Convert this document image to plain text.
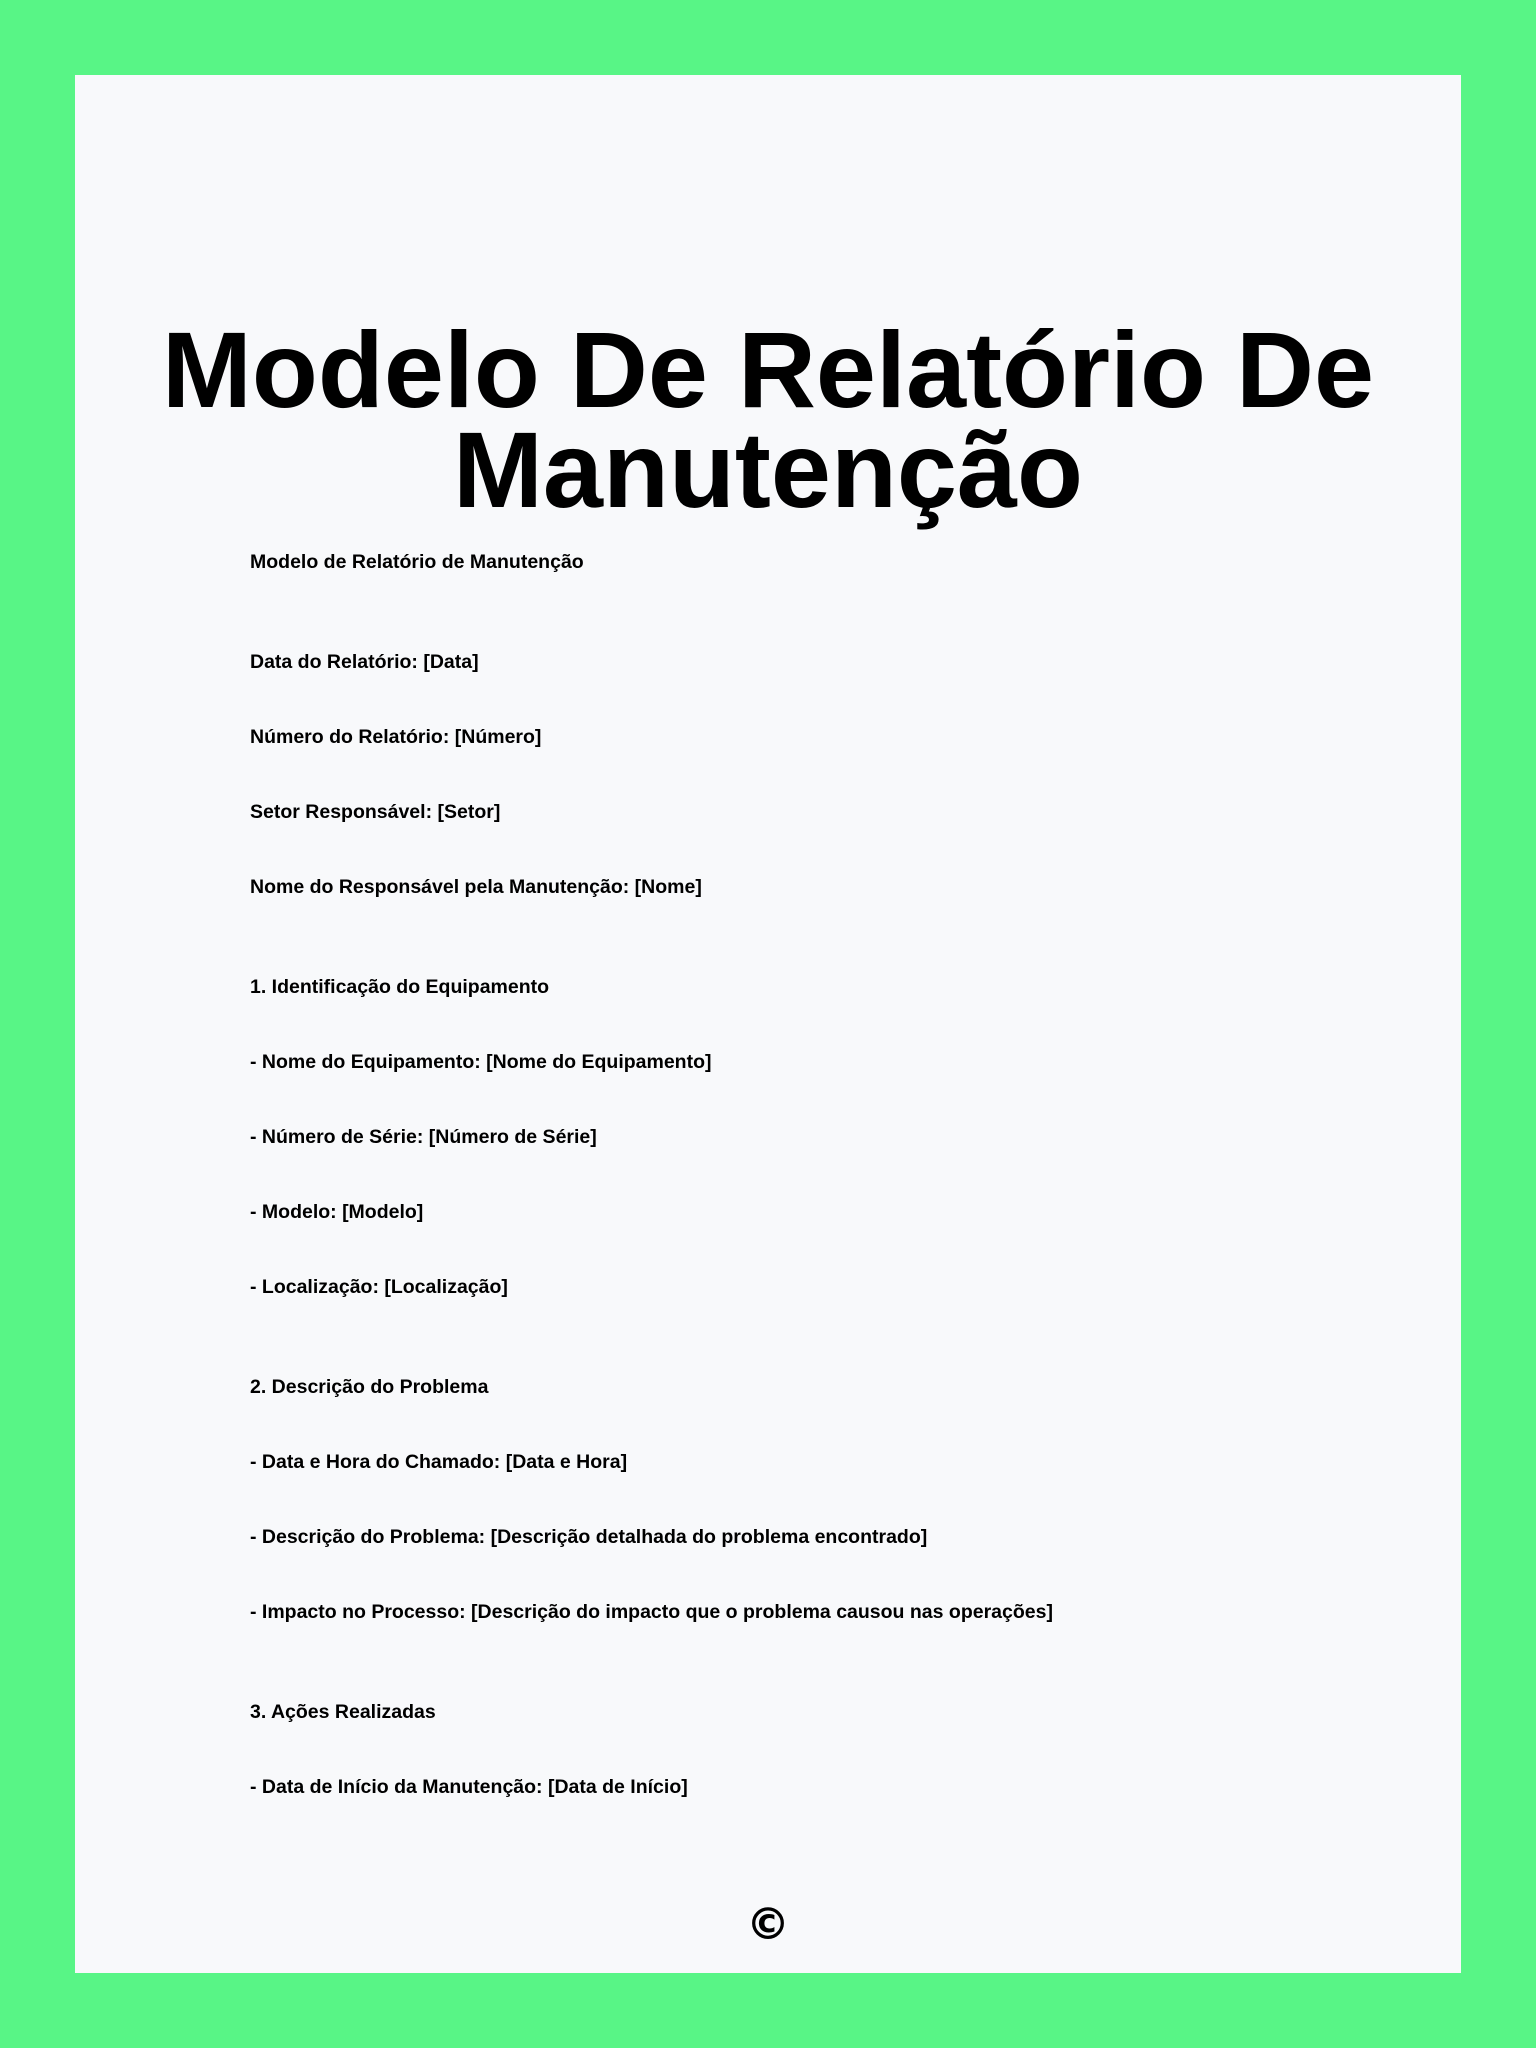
Modelo De Relatório De
Manutenção
Modelo de Relatório de Manutenção
Data do Relatório: [Data]
Número do Relatório: [Número]
Setor Responsável: [Setor]
Nome do Responsável pela Manutenção: [Nome]
1. Identificação do Equipamento
- Nome do Equipamento: [Nome do Equipamento]
- Número de Série: [Número de Série]
- Modelo: [Modelo]
- Localização: [Localização]
2. Descrição do Problema
- Data e Hora do Chamado: [Data e Hora]
- Descrição do Problema: [Descrição detalhada do problema encontrado]
- Impacto no Processo: [Descrição do impacto que o problema causou nas operações]
3. Ações Realizadas
- Data de Início da Manutenção: [Data de Início]
©
